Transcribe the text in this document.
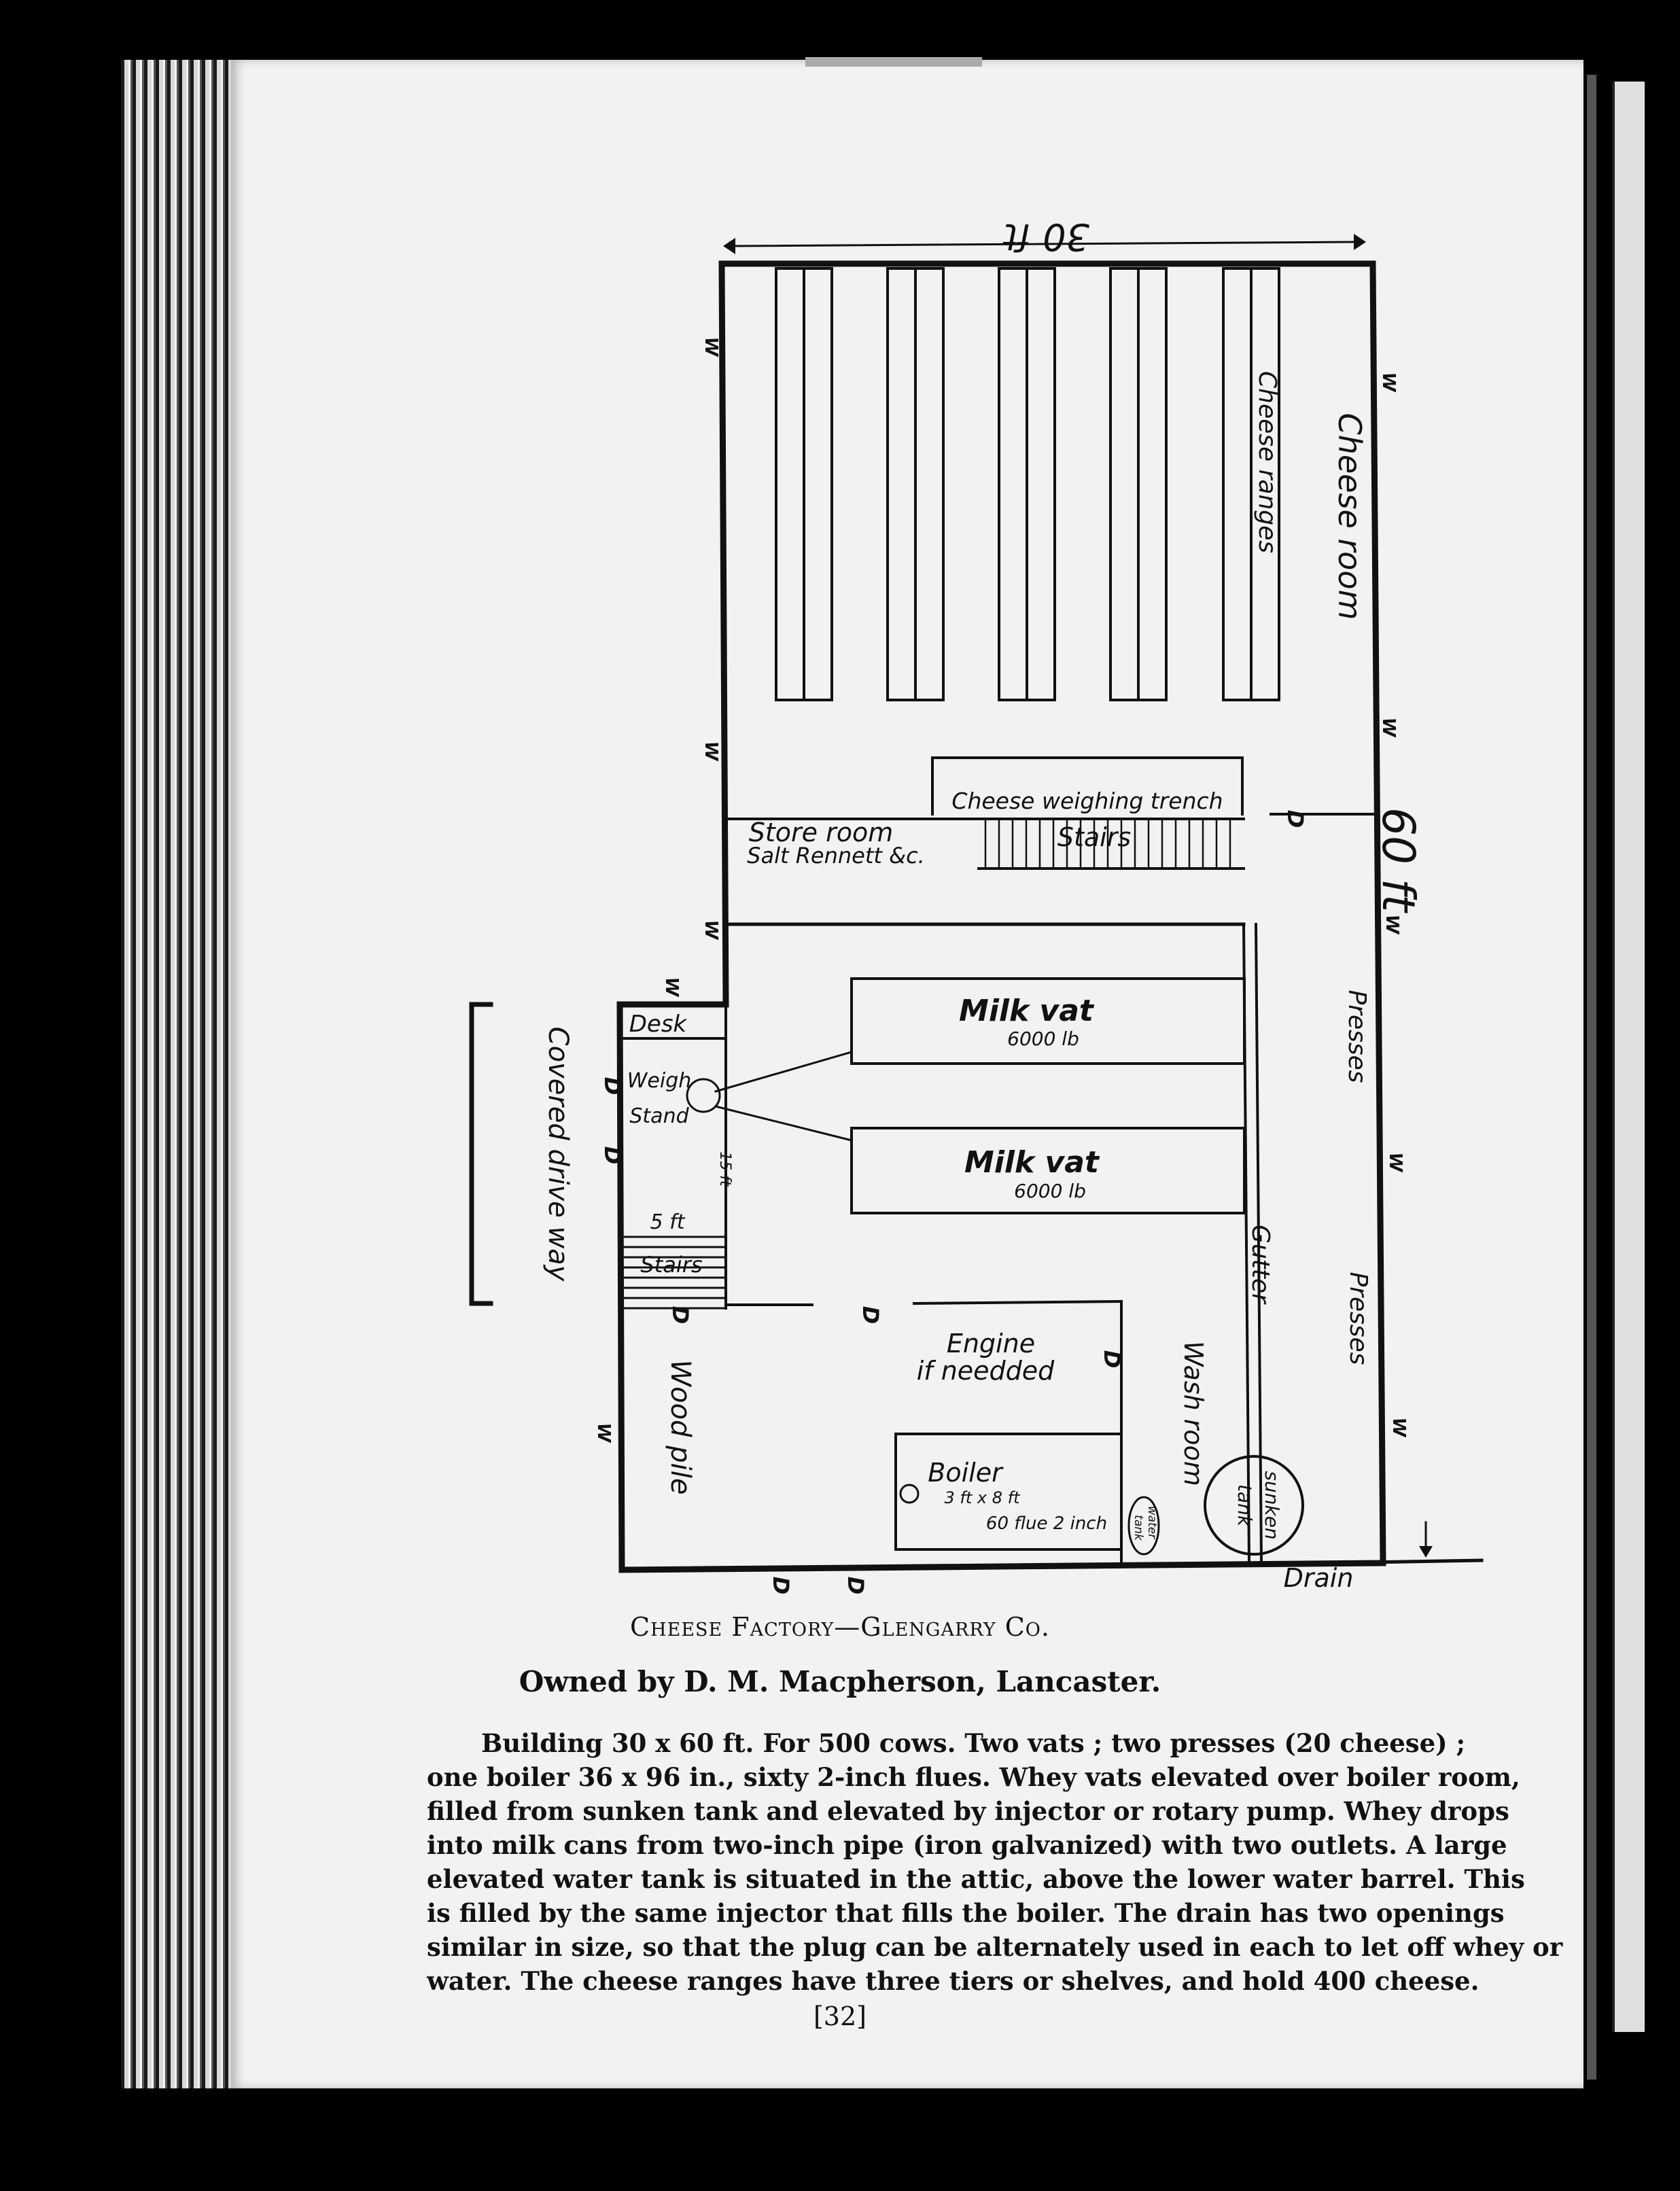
30 ft
60 ft
Cheese room
Cheese ranges
Cheese weighing trench
Stairs
Store room
Salt Rennett &c.
Milk vat
6000 lb
Milk vat
6000 lb
Presses
Presses
Gutter
Desk
Weigh
Stand
15 ft
5 ft
Stairs
Covered drive way
Wood pile
Engine
if needded	Wash room
Boiler
3 ft x 8 ft
60 flue 2 inch	water
tank	sunken
tank
Drain
W
W
W
W
W
W
W
W
W
W
D
D
D
D	D
D
D D
Cheese Factory—Glengarry Co.
Owned by D. M. Macpherson, Lancaster.
Building 30 x 60 ft. For 500 cows. Two vats ; two presses (20 cheese) ;
one boiler 36 x 96 in., sixty 2-inch flues. Whey vats elevated over boiler room,
filled from sunken tank and elevated by injector or rotary pump. Whey drops
into milk cans from two-inch pipe (iron galvanized) with two outlets. A large
elevated water tank is situated in the attic, above the lower water barrel. This
is filled by the same injector that fills the boiler. The drain has two openings
similar in size, so that the plug can be alternately used in each to let off whey or
water. The cheese ranges have three tiers or shelves, and hold 400 cheese.
[32]
